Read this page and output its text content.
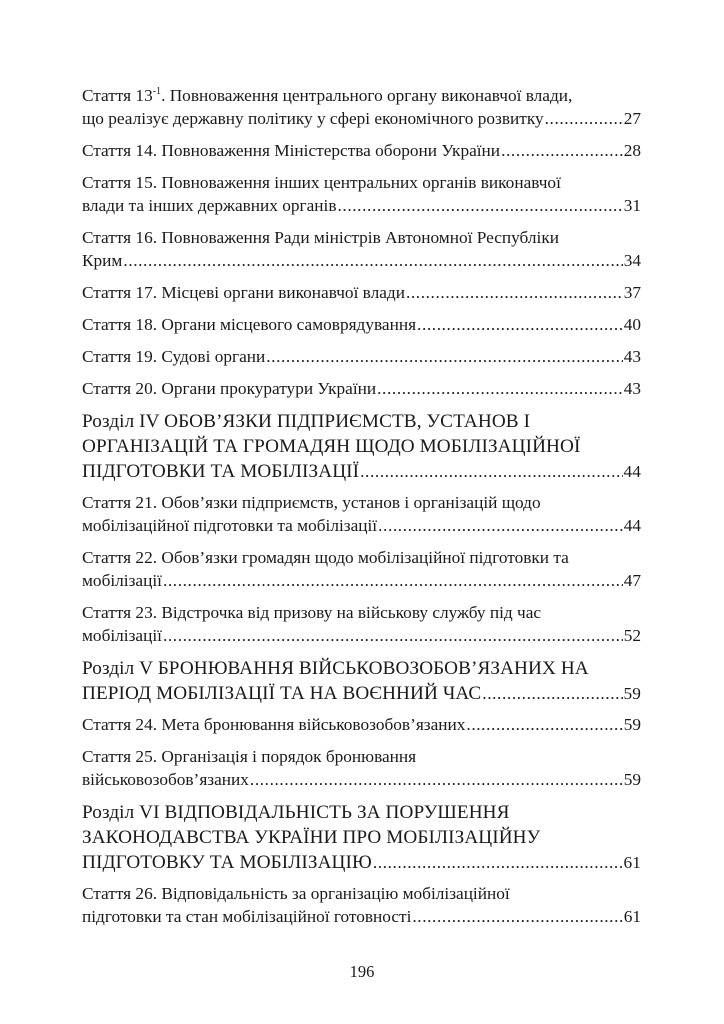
Стаття $13^{-1}$. Повноваження центрального органу виконавчої влади,
що реалізує державну політику у сфері економічного розвитку .....	27
Стаття 14. Повноваження Міністерства оборони України .....	28
Стаття 15. Повноваження інших центральних органів виконавчої
влади та інших державних органів .....	31
Стаття 16. Повноваження Ради міністрів Автономної Республіки
Крим .....	34
Стаття 17. Місцеві органи виконавчої влади .....	37
Стаття 18. Органи місцевого самоврядування .....	40
Стаття 19. Судові органи .....	43
Стаття 20. Органи прокуратури України .....	43
Розділ IV ОБОВ’ЯЗКИ ПІДПРИЄМСТВ, УСТАНОВ І
ОРГАНІЗАЦІЙ ТА ГРОМАДЯН ЩОДО МОБІЛІЗАЦІЙНОЇ
ПІДГОТОВКИ ТА МОБІЛІЗАЦІЇ .....	44
Стаття 21. Обов’язки підприємств, установ і організацій щодо
мобілізаційної підготовки та мобілізації .....	44
Стаття 22. Обов’язки громадян щодо мобілізаційної підготовки та
мобілізації .....	47
Стаття 23. Відстрочка від призову на військову службу під час
мобілізації .....	52
Розділ V БРОНЮВАННЯ ВІЙСЬКОВОЗОБОВ’ЯЗАНИХ НА
ПЕРІОД МОБІЛІЗАЦІЇ ТА НА ВОЄННИЙ ЧАС .....	59
Стаття 24. Мета бронювання військовозобов’язаних .....	59
Стаття 25. Організація і порядок бронювання
військовозобов’язаних .....	59
Розділ VI ВІДПОВІДАЛЬНІСТЬ ЗА ПОРУШЕННЯ
ЗАКОНОДАВСТВА УКРАЇНИ ПРО МОБІЛІЗАЦІЙНУ
ПІДГОТОВКУ ТА МОБІЛІЗАЦІЮ .....	61
Стаття 26. Відповідальність за організацію мобілізаційної
підготовки та стан мобілізаційної готовності .....	61
196
